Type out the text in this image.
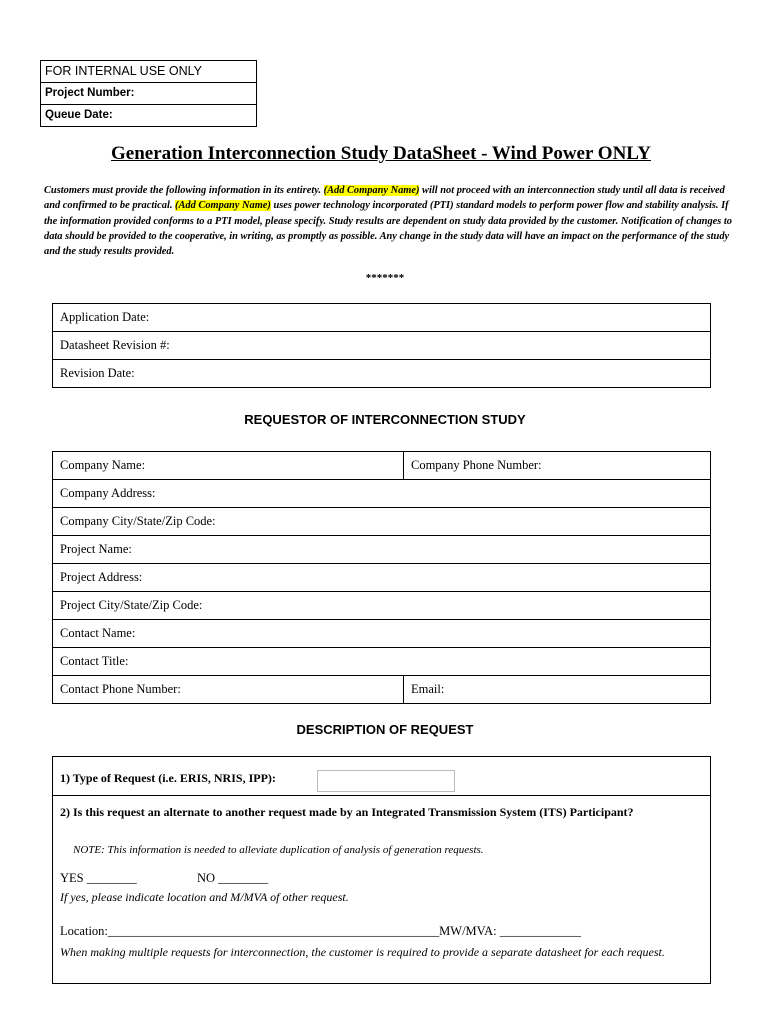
FOR INTERNAL USE ONLY
Project Number:
Queue Date:
Generation Interconnection Study DataSheet - Wind Power ONLY
Customers must provide the following information in its entirety. (Add Company Name) will not proceed with an interconnection study until all data is received and confirmed to be practical. (Add Company Name) uses power technology incorporated (PTI) standard models to perform power flow and stability analysis. If the information provided conforms to a PTI model, please specify. Study results are dependent on study data provided by the customer. Notification of changes to data should be provided to the cooperative, in writing, as promptly as possible. Any change in the study data will have an impact on the performance of the study and the study results provided.
*******
Application Date:
Datasheet Revision #:
Revision Date:
REQUESTOR OF INTERCONNECTION STUDY
Company Name:	Company Phone Number:
Company Address:	
Company City/State/Zip Code:	
Project Name:	
Project Address:	
Project City/State/Zip Code:	
Contact Name:	
Contact Title:	
Contact Phone Number:	Email:
DESCRIPTION OF REQUEST
1) Type of Request (i.e. ERIS, NRIS, IPP):
2) Is this request an alternate to another request made by an Integrated Transmission System (ITS) Participant?
NOTE: This information is needed to alleviate duplication of analysis of generation requests.
YES ________	NO ________
If yes, please indicate location and M/MVA of other request.
Location:_____________________________________________________MW/MVA: _____________
When making multiple requests for interconnection, the customer is required to provide a separate datasheet for each request.
